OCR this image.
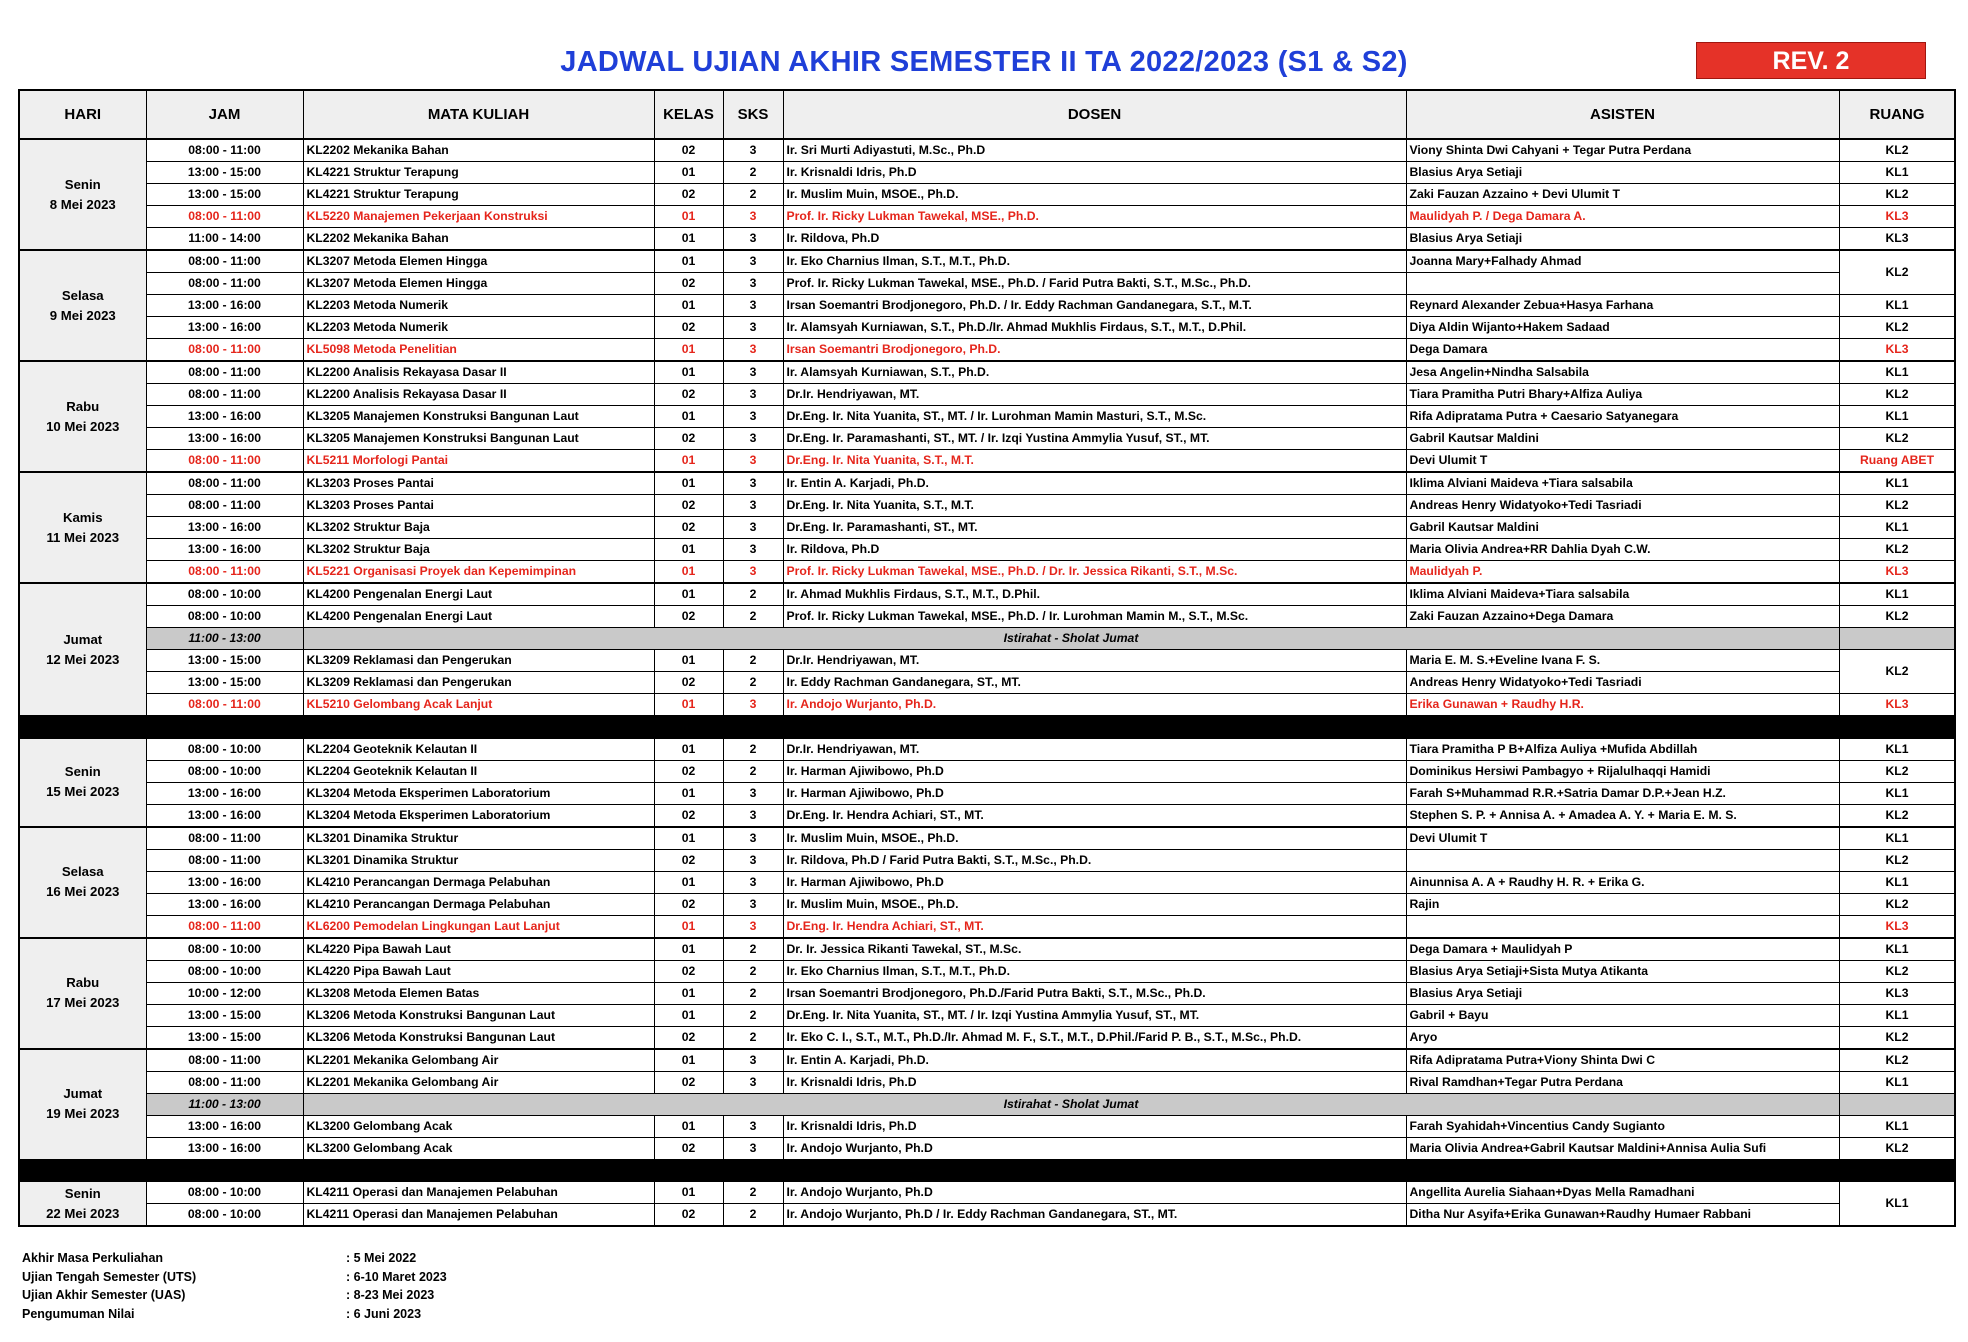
JADWAL UJIAN AKHIR SEMESTER II TA 2022/2023 (S1 & S2)	REV. 2
HARI	JAM	MATA KULIAH	KELAS	SKS	DOSEN	ASISTEN	RUANG	

Senin
8 Mei 2023	08:00 - 11:00	KL2202 Mekanika Bahan	02	3	Ir. Sri Murti Adiyastuti, M.Sc., Ph.D	Viony Shinta Dwi Cahyani + Tegar Putra Perdana	KL2	
	13:00 - 15:00	KL4221 Struktur Terapung	01	2	Ir. Krisnaldi Idris, Ph.D	Blasius Arya Setiaji	KL1	
	13:00 - 15:00	KL4221 Struktur Terapung	02	2	Ir. Muslim Muin, MSOE., Ph.D.	Zaki Fauzan Azzaino + Devi Ulumit T	KL2	
	08:00 - 11:00	KL5220 Manajemen Pekerjaan Konstruksi	01	3	Prof. Ir. Ricky Lukman Tawekal, MSE., Ph.D.	Maulidyah P. / Dega Damara A.	KL3	
	11:00 - 14:00	KL2202 Mekanika Bahan	01	3	Ir. Rildova, Ph.D	Blasius Arya Setiaji	KL3	

Selasa
9 Mei 2023	08:00 - 11:00	KL3207 Metoda Elemen Hingga	01	3	Ir. Eko Charnius Ilman, S.T., M.T., Ph.D.	Joanna Mary+Falhady Ahmad	KL2	
	08:00 - 11:00	KL3207 Metoda Elemen Hingga	02	3	Prof. Ir. Ricky Lukman Tawekal, MSE., Ph.D. / Farid Putra Bakti, S.T., M.Sc., Ph.D.			
	13:00 - 16:00	KL2203 Metoda Numerik	01	3	Irsan Soemantri Brodjonegoro, Ph.D. / Ir. Eddy Rachman Gandanegara, S.T., M.T.	Reynard Alexander Zebua+Hasya Farhana	KL1	
	13:00 - 16:00	KL2203 Metoda Numerik	02	3	Ir. Alamsyah Kurniawan, S.T., Ph.D./Ir. Ahmad Mukhlis Firdaus, S.T., M.T., D.Phil.	Diya Aldin Wijanto+Hakem Sadaad	KL2	
	08:00 - 11:00	KL5098 Metoda Penelitian	01	3	Irsan Soemantri Brodjonegoro, Ph.D.	Dega Damara	KL3	

Rabu
10 Mei 2023	08:00 - 11:00	KL2200 Analisis Rekayasa Dasar II	01	3	Ir. Alamsyah Kurniawan, S.T., Ph.D.	Jesa Angelin+Nindha Salsabila	KL1	
	08:00 - 11:00	KL2200 Analisis Rekayasa Dasar II	02	3	Dr.Ir. Hendriyawan, MT.	Tiara Pramitha Putri Bhary+Alfiza Auliya	KL2	
	13:00 - 16:00	KL3205 Manajemen Konstruksi Bangunan Laut	01	3	Dr.Eng. Ir. Nita Yuanita, ST., MT. / Ir. Lurohman Mamin Masturi, S.T., M.Sc.	Rifa Adipratama Putra + Caesario Satyanegara	KL1	
	13:00 - 16:00	KL3205 Manajemen Konstruksi Bangunan Laut	02	3	Dr.Eng. Ir. Paramashanti, ST., MT. / Ir. Izqi Yustina Ammylia Yusuf, ST., MT.	Gabril Kautsar Maldini	KL2	
	08:00 - 11:00	KL5211 Morfologi Pantai	01	3	Dr.Eng. Ir. Nita Yuanita, S.T., M.T.	Devi Ulumit T	Ruang ABET	

Kamis
11 Mei 2023	08:00 - 11:00	KL3203 Proses Pantai	01	3	Ir. Entin A. Karjadi, Ph.D.	Iklima Alviani Maideva +Tiara salsabila	KL1	
	08:00 - 11:00	KL3203 Proses Pantai	02	3	Dr.Eng. Ir. Nita Yuanita, S.T., M.T.	Andreas Henry Widatyoko+Tedi Tasriadi	KL2	
	13:00 - 16:00	KL3202 Struktur Baja	02	3	Dr.Eng. Ir. Paramashanti, ST., MT.	Gabril Kautsar Maldini	KL1	
	13:00 - 16:00	KL3202 Struktur Baja	01	3	Ir. Rildova, Ph.D	Maria Olivia Andrea+RR Dahlia Dyah C.W.	KL2	
	08:00 - 11:00	KL5221 Organisasi Proyek dan Kepemimpinan	01	3	Prof. Ir. Ricky Lukman Tawekal, MSE., Ph.D. / Dr. Ir. Jessica Rikanti, S.T., M.Sc.	Maulidyah P.	KL3	

Jumat
12 Mei 2023	08:00 - 10:00	KL4200 Pengenalan Energi Laut	01	2	Ir. Ahmad Mukhlis Firdaus, S.T., M.T., D.Phil.	Iklima Alviani Maideva+Tiara salsabila	KL1	
	08:00 - 10:00	KL4200 Pengenalan Energi Laut	02	2	Prof. Ir. Ricky Lukman Tawekal, MSE., Ph.D. / Ir. Lurohman Mamin M., S.T., M.Sc.	Zaki Fauzan Azzaino+Dega Damara	KL2	
	11:00 - 13:00	Istirahat - Sholat Jumat						
	13:00 - 15:00	KL3209 Reklamasi dan Pengerukan	01	2	Dr.Ir. Hendriyawan, MT.	Maria E. M. S.+Eveline Ivana F. S.	KL2	
	13:00 - 15:00	KL3209 Reklamasi dan Pengerukan	02	2	Ir. Eddy Rachman Gandanegara, ST., MT.	Andreas Henry Widatyoko+Tedi Tasriadi		
	08:00 - 11:00	KL5210 Gelombang Acak Lanjut	01	3	Ir. Andojo Wurjanto, Ph.D.	Erika Gunawan + Raudhy H.R.	KL3	

Senin
15 Mei 2023	08:00 - 10:00	KL2204 Geoteknik Kelautan II	01	2	Dr.Ir. Hendriyawan, MT.	Tiara Pramitha P B+Alfiza Auliya +Mufida Abdillah	KL1	
	08:00 - 10:00	KL2204 Geoteknik Kelautan II	02	2	Ir. Harman Ajiwibowo, Ph.D	Dominikus Hersiwi Pambagyo + Rijalulhaqqi Hamidi	KL2	
	13:00 - 16:00	KL3204 Metoda Eksperimen Laboratorium	01	3	Ir. Harman Ajiwibowo, Ph.D	Farah S+Muhammad R.R.+Satria Damar D.P.+Jean H.Z.	KL1	
	13:00 - 16:00	KL3204 Metoda Eksperimen Laboratorium	02	3	Dr.Eng. Ir. Hendra Achiari, ST., MT.	Stephen S. P. + Annisa A. + Amadea A. Y. + Maria E. M. S.	KL2	

Selasa
16 Mei 2023	08:00 - 11:00	KL3201 Dinamika Struktur	01	3	Ir. Muslim Muin, MSOE., Ph.D.	Devi Ulumit T	KL1	
	08:00 - 11:00	KL3201 Dinamika Struktur	02	3	Ir. Rildova, Ph.D / Farid Putra Bakti, S.T., M.Sc., Ph.D.		KL2	
	13:00 - 16:00	KL4210 Perancangan Dermaga Pelabuhan	01	3	Ir. Harman Ajiwibowo, Ph.D	Ainunnisa A. A + Raudhy H. R. + Erika G.	KL1	
	13:00 - 16:00	KL4210 Perancangan Dermaga Pelabuhan	02	3	Ir. Muslim Muin, MSOE., Ph.D.	Rajin	KL2	
	08:00 - 11:00	KL6200 Pemodelan Lingkungan Laut Lanjut	01	3	Dr.Eng. Ir. Hendra Achiari, ST., MT.		KL3	

Rabu
17 Mei 2023	08:00 - 10:00	KL4220 Pipa Bawah Laut	01	2	Dr. Ir. Jessica Rikanti Tawekal, ST., M.Sc.	Dega Damara + Maulidyah P	KL1	
	08:00 - 10:00	KL4220 Pipa Bawah Laut	02	2	Ir. Eko Charnius Ilman, S.T., M.T., Ph.D.	Blasius Arya Setiaji+Sista Mutya Atikanta	KL2	
	10:00 - 12:00	KL3208 Metoda Elemen Batas	01	2	Irsan Soemantri Brodjonegoro, Ph.D./Farid Putra Bakti, S.T., M.Sc., Ph.D.	Blasius Arya Setiaji	KL3	
	13:00 - 15:00	KL3206 Metoda Konstruksi Bangunan Laut	01	2	Dr.Eng. Ir. Nita Yuanita, ST., MT. / Ir. Izqi Yustina Ammylia Yusuf, ST., MT.	Gabril + Bayu	KL1	
	13:00 - 15:00	KL3206 Metoda Konstruksi Bangunan Laut	02	2	Ir. Eko C. I., S.T., M.T., Ph.D./Ir. Ahmad M. F., S.T., M.T., D.Phil./Farid P. B., S.T., M.Sc., Ph.D.	Aryo	KL2	

Jumat
19 Mei 2023	08:00 - 11:00	KL2201 Mekanika Gelombang Air	01	3	Ir. Entin A. Karjadi, Ph.D.	Rifa Adipratama Putra+Viony Shinta Dwi C	KL2	
	08:00 - 11:00	KL2201 Mekanika Gelombang Air	02	3	Ir. Krisnaldi Idris, Ph.D	Rival Ramdhan+Tegar Putra Perdana	KL1	
	11:00 - 13:00	Istirahat - Sholat Jumat						
	13:00 - 16:00	KL3200 Gelombang Acak	01	3	Ir. Krisnaldi Idris, Ph.D	Farah Syahidah+Vincentius Candy Sugianto	KL1	
	13:00 - 16:00	KL3200 Gelombang Acak	02	3	Ir. Andojo Wurjanto, Ph.D	Maria Olivia Andrea+Gabril Kautsar Maldini+Annisa Aulia Sufi	KL2	

Senin
22 Mei 2023	08:00 - 10:00	KL4211 Operasi dan Manajemen Pelabuhan	01	2	Ir. Andojo Wurjanto, Ph.D	Angellita Aurelia Siahaan+Dyas Mella Ramadhani	KL1	
	08:00 - 10:00	KL4211 Operasi dan Manajemen Pelabuhan	02	2	Ir. Andojo Wurjanto, Ph.D / Ir. Eddy Rachman Gandanegara, ST., MT.	Ditha Nur Asyifa+Erika Gunawan+Raudhy Humaer Rabbani		
Akhir Masa Perkuliahan	: 5 Mei 2022
Ujian Tengah Semester (UTS)	: 6-10 Maret 2023
Ujian Akhir Semester (UAS)	: 8-23 Mei 2023
Pengumuman Nilai	: 6 Juni 2023
